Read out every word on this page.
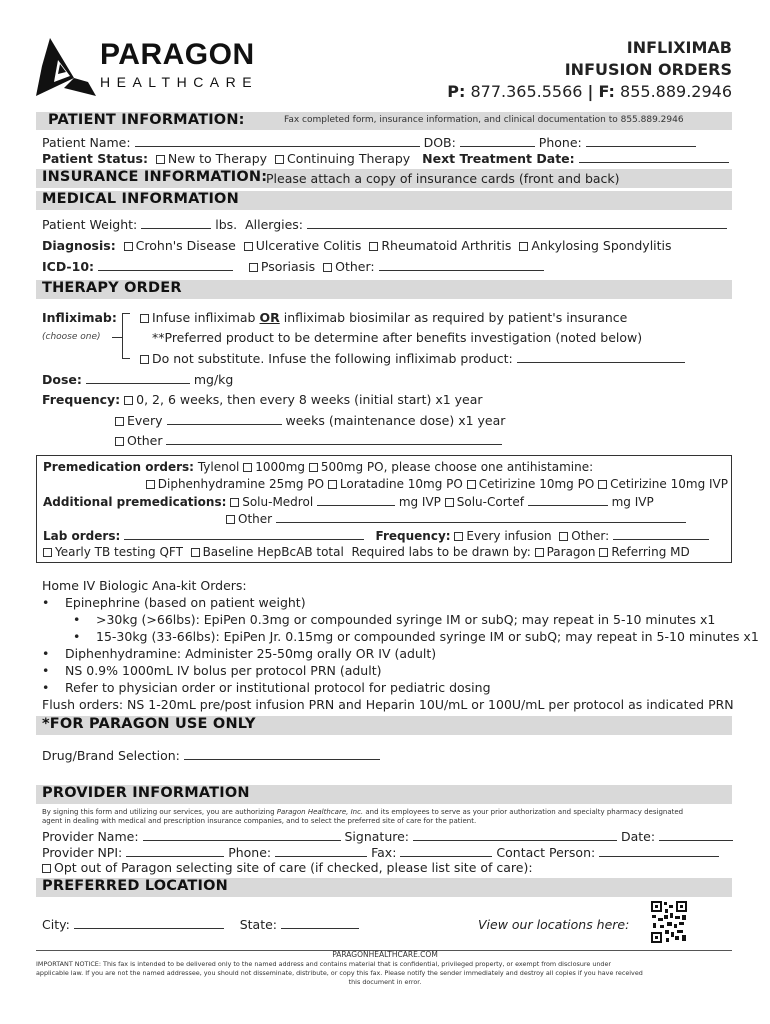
PARAGON
HEALTHCARE
INFLIXIMAB
INFUSION ORDERS
P: 877.365.5566 | F: 855.889.2946
PATIENT INFORMATION:	Fax completed form, insurance information, and clinical documentation to 855.889.2946
Patient Name:	DOB:	Phone:
Patient Status: New to Therapy Continuing Therapy Next Treatment Date:
INSURANCE INFORMATION:
Please attach a copy of insurance cards (front and back)
MEDICAL INFORMATION
Patient Weight:	lbs. Allergies:
Diagnosis: Crohn's Disease Ulcerative Colitis Rheumatoid Arthritis Ankylosing Spondylitis
ICD-10:	Psoriasis Other:
THERAPY ORDER
Infliximab:
(choose one)
Infuse infliximab OR infliximab biosimilar as required by patient's insurance
**Preferred product to be determine after benefits investigation (noted below)
Do not substitute. Infuse the following infliximab product:
Dose:	mg/kg
Frequency: 0, 2, 6 weeks, then every 8 weeks (initial start) x1 year
Every	weeks (maintenance dose) x1 year
Other
Premedication orders: Tylenol 1000mg 500mg PO, please choose one antihistamine:
Diphenhydramine 25mg PO Loratadine 10mg PO Cetirizine 10mg PO Cetirizine 10mg IVP
Additional premedications: Solu-Medrol	mg IVP Solu-Cortef	mg IVP
Other
Lab orders:	Frequency: Every infusion Other:
Yearly TB testing QFT Baseline HepBcAB total Required labs to be drawn by: Paragon Referring MD
Home IV Biologic Ana-kit Orders:
• Epinephrine (based on patient weight)
• >30kg (>66lbs): EpiPen 0.3mg or compounded syringe IM or subQ; may repeat in 5-10 minutes x1
• 15-30kg (33-66lbs): EpiPen Jr. 0.15mg or compounded syringe IM or subQ; may repeat in 5-10 minutes x1
• Diphenhydramine: Administer 25-50mg orally OR IV (adult)
• NS 0.9% 1000mL IV bolus per protocol PRN (adult)
• Refer to physician order or institutional protocol for pediatric dosing
Flush orders: NS 1-20mL pre/post infusion PRN and Heparin 10U/mL or 100U/mL per protocol as indicated PRN
*FOR PARAGON USE ONLY
Drug/Brand Selection:
PROVIDER INFORMATION
By signing this form and utilizing our services, you are authorizing Paragon Healthcare, Inc. and its employees to serve as your prior authorization and specialty pharmacy designated
agent in dealing with medical and prescription insurance companies, and to select the preferred site of care for the patient.
Provider Name:	Signature:	Date:
Provider NPI:	Phone:	Fax:	Contact Person:
Opt out of Paragon selecting site of care (if checked, please list site of care):
PREFERRED LOCATION
City:	State:	View our locations here:
PARAGONHEALTHCARE.COM
IMPORTANT NOTICE: This fax is intended to be delivered only to the named address and contains material that is confidential, privileged property, or exempt from disclosure under
applicable law. If you are not the named addressee, you should not disseminate, distribute, or copy this fax. Please notify the sender immediately and destroy all copies if you have received
this document in error.
